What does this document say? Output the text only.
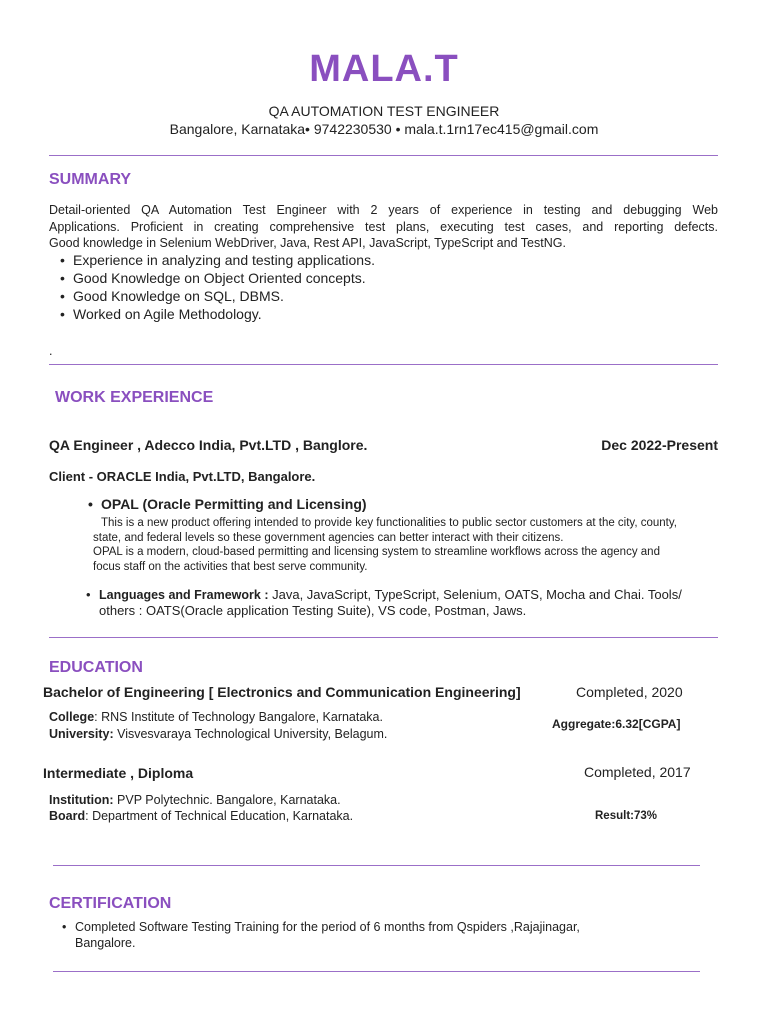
MALA.T
QA AUTOMATION TEST ENGINEER
Bangalore, Karnataka• 9742230530 • mala.t.1rn17ec415@gmail.com
SUMMARY
Detail-oriented QA Automation Test Engineer with 2 years of experience in testing and debugging Web
Applications. Proficient in creating comprehensive test plans, executing test cases, and reporting defects.
Good knowledge in Selenium WebDriver, Java, Rest API, JavaScript, TypeScript and TestNG.
• Experience in analyzing and testing applications.
• Good Knowledge on Object Oriented concepts.
• Good Knowledge on SQL, DBMS.
• Worked on Agile Methodology.
.
WORK EXPERIENCE
QA Engineer , Adecco India, Pvt.LTD , Banglore.	Dec 2022-Present
Client - ORACLE India, Pvt.LTD, Bangalore.
• OPAL (Oracle Permitting and Licensing)
This is a new product offering intended to provide key functionalities to public sector customers at the city, county,
state, and federal levels so these government agencies can better interact with their citizens.
OPAL is a modern, cloud-based permitting and licensing system to streamline workflows across the agency and
focus staff on the activities that best serve community.
• Languages and Framework : Java, JavaScript, TypeScript, Selenium, OATS, Mocha and Chai. Tools/
others : OATS(Oracle application Testing Suite), VS code, Postman, Jaws.
EDUCATION
Bachelor of Engineering [ Electronics and Communication Engineering]	Completed, 2020
College: RNS Institute of Technology Bangalore, Karnataka.
University: Visvesvaraya Technological University, Belagum.
Aggregate:6.32[CGPA]
Intermediate , Diploma	Completed, 2017
Institution: PVP Polytechnic. Bangalore, Karnataka.
Board: Department of Technical Education, Karnataka.	Result:73%
CERTIFICATION
• Completed Software Testing Training for the period of 6 months from Qspiders ,Rajajinagar,
Bangalore.
